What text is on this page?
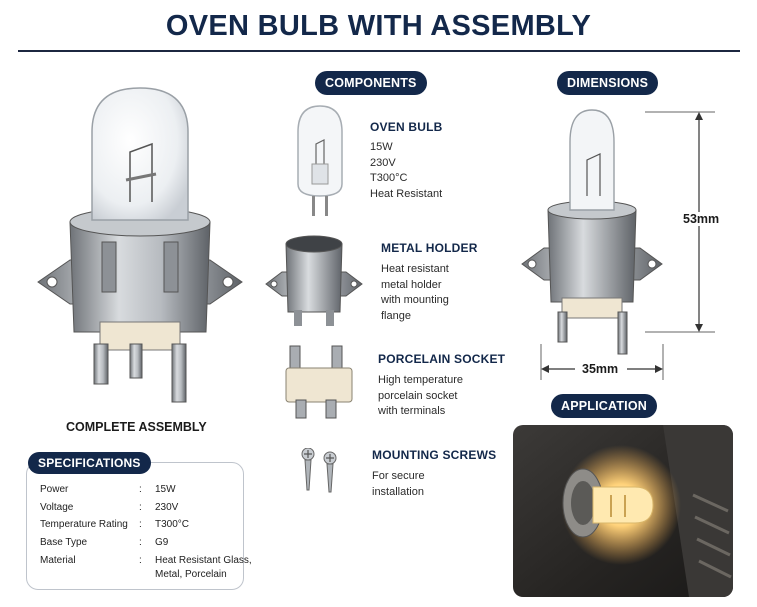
OVEN BULB WITH ASSEMBLY
COMPLETE ASSEMBLY
SPECIFICATIONS
Power	: 15W
Voltage	: 230V
Temperature Rating : T300°C
Base Type	: G9
Material	: Heat Resistant Glass,
Metal, Porcelain
COMPONENTS
OVEN BULB
15W
230V
T300°C
Heat Resistant
METAL HOLDER
Heat resistant
metal holder
with mounting
flange
PORCELAIN SOCKET
High temperature
porcelain socket
with terminals
MOUNTING SCREWS
For secure
installation
DIMENSIONS
53mm
35mm
APPLICATION
